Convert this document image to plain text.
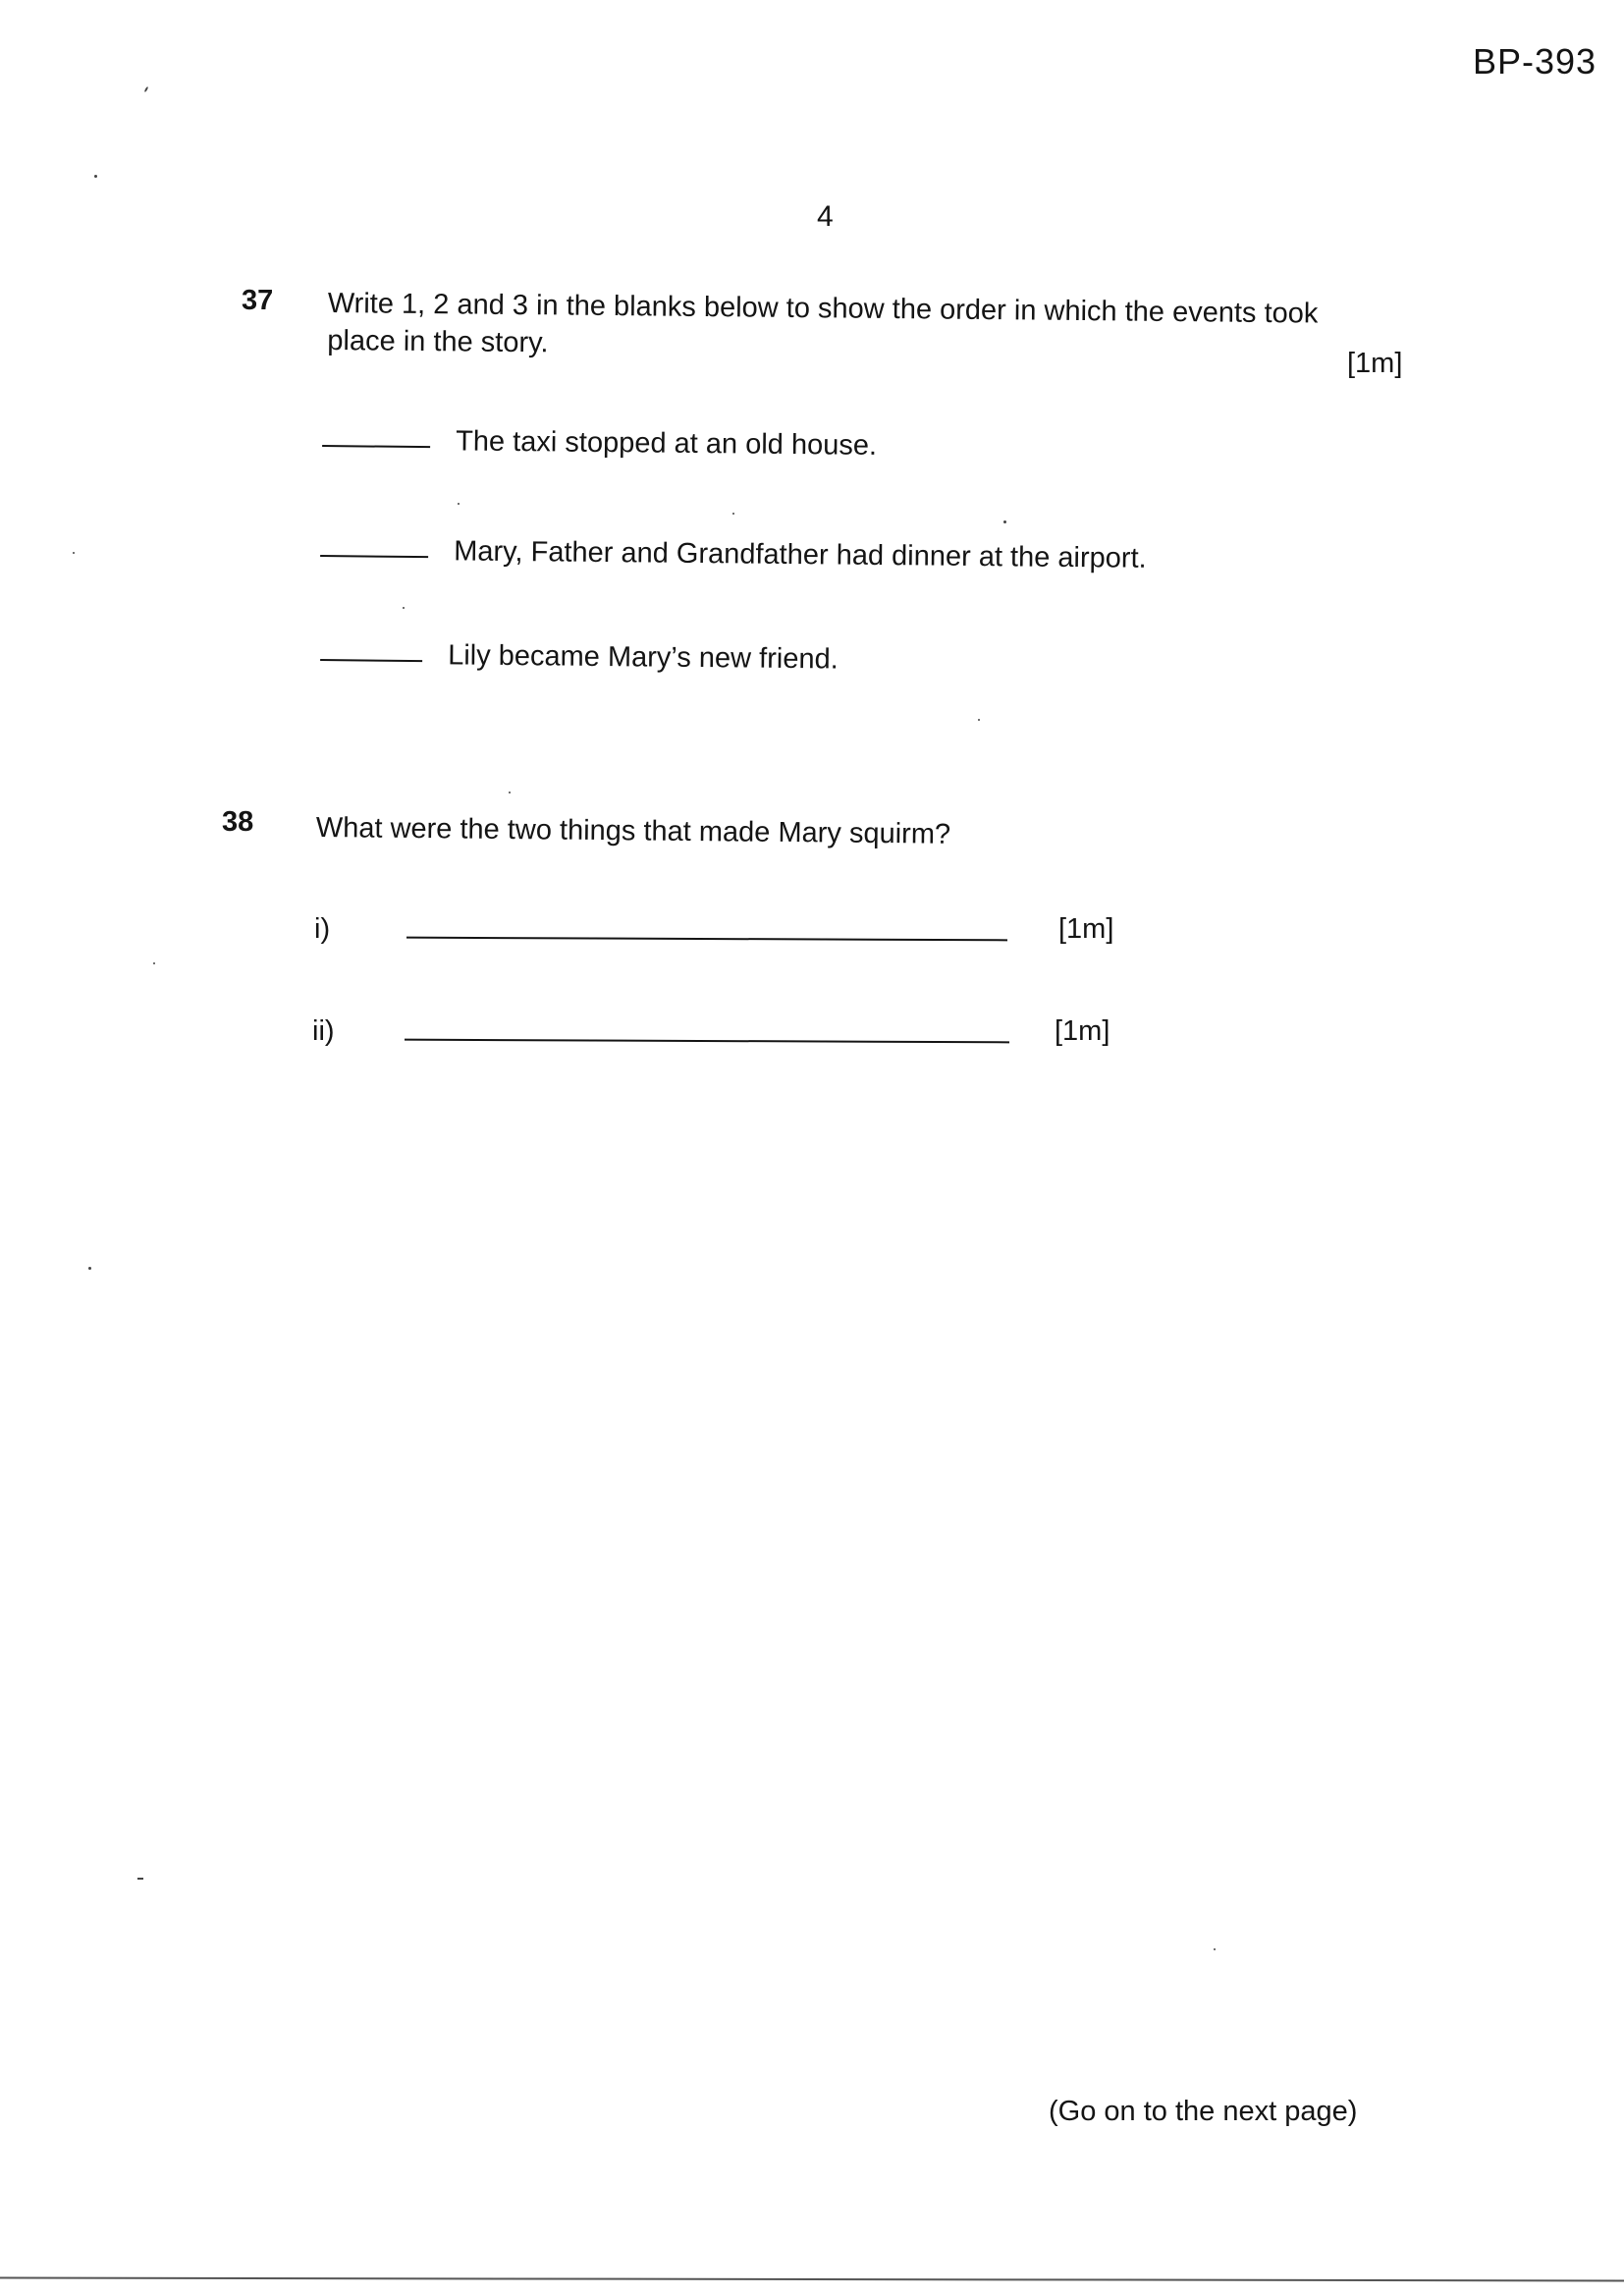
BP-393
4
37 Write 1, 2 and 3 in the blanks below to show the order in which the events took
place in the story.
[1m]
The taxi stopped at an old house.
Mary, Father and Grandfather had dinner at the airport.
Lily became Mary’s new friend.
38 What were the two things that made Mary squirm?
i)	[1m]
ii)	[1m]
(Go on to the next page)
